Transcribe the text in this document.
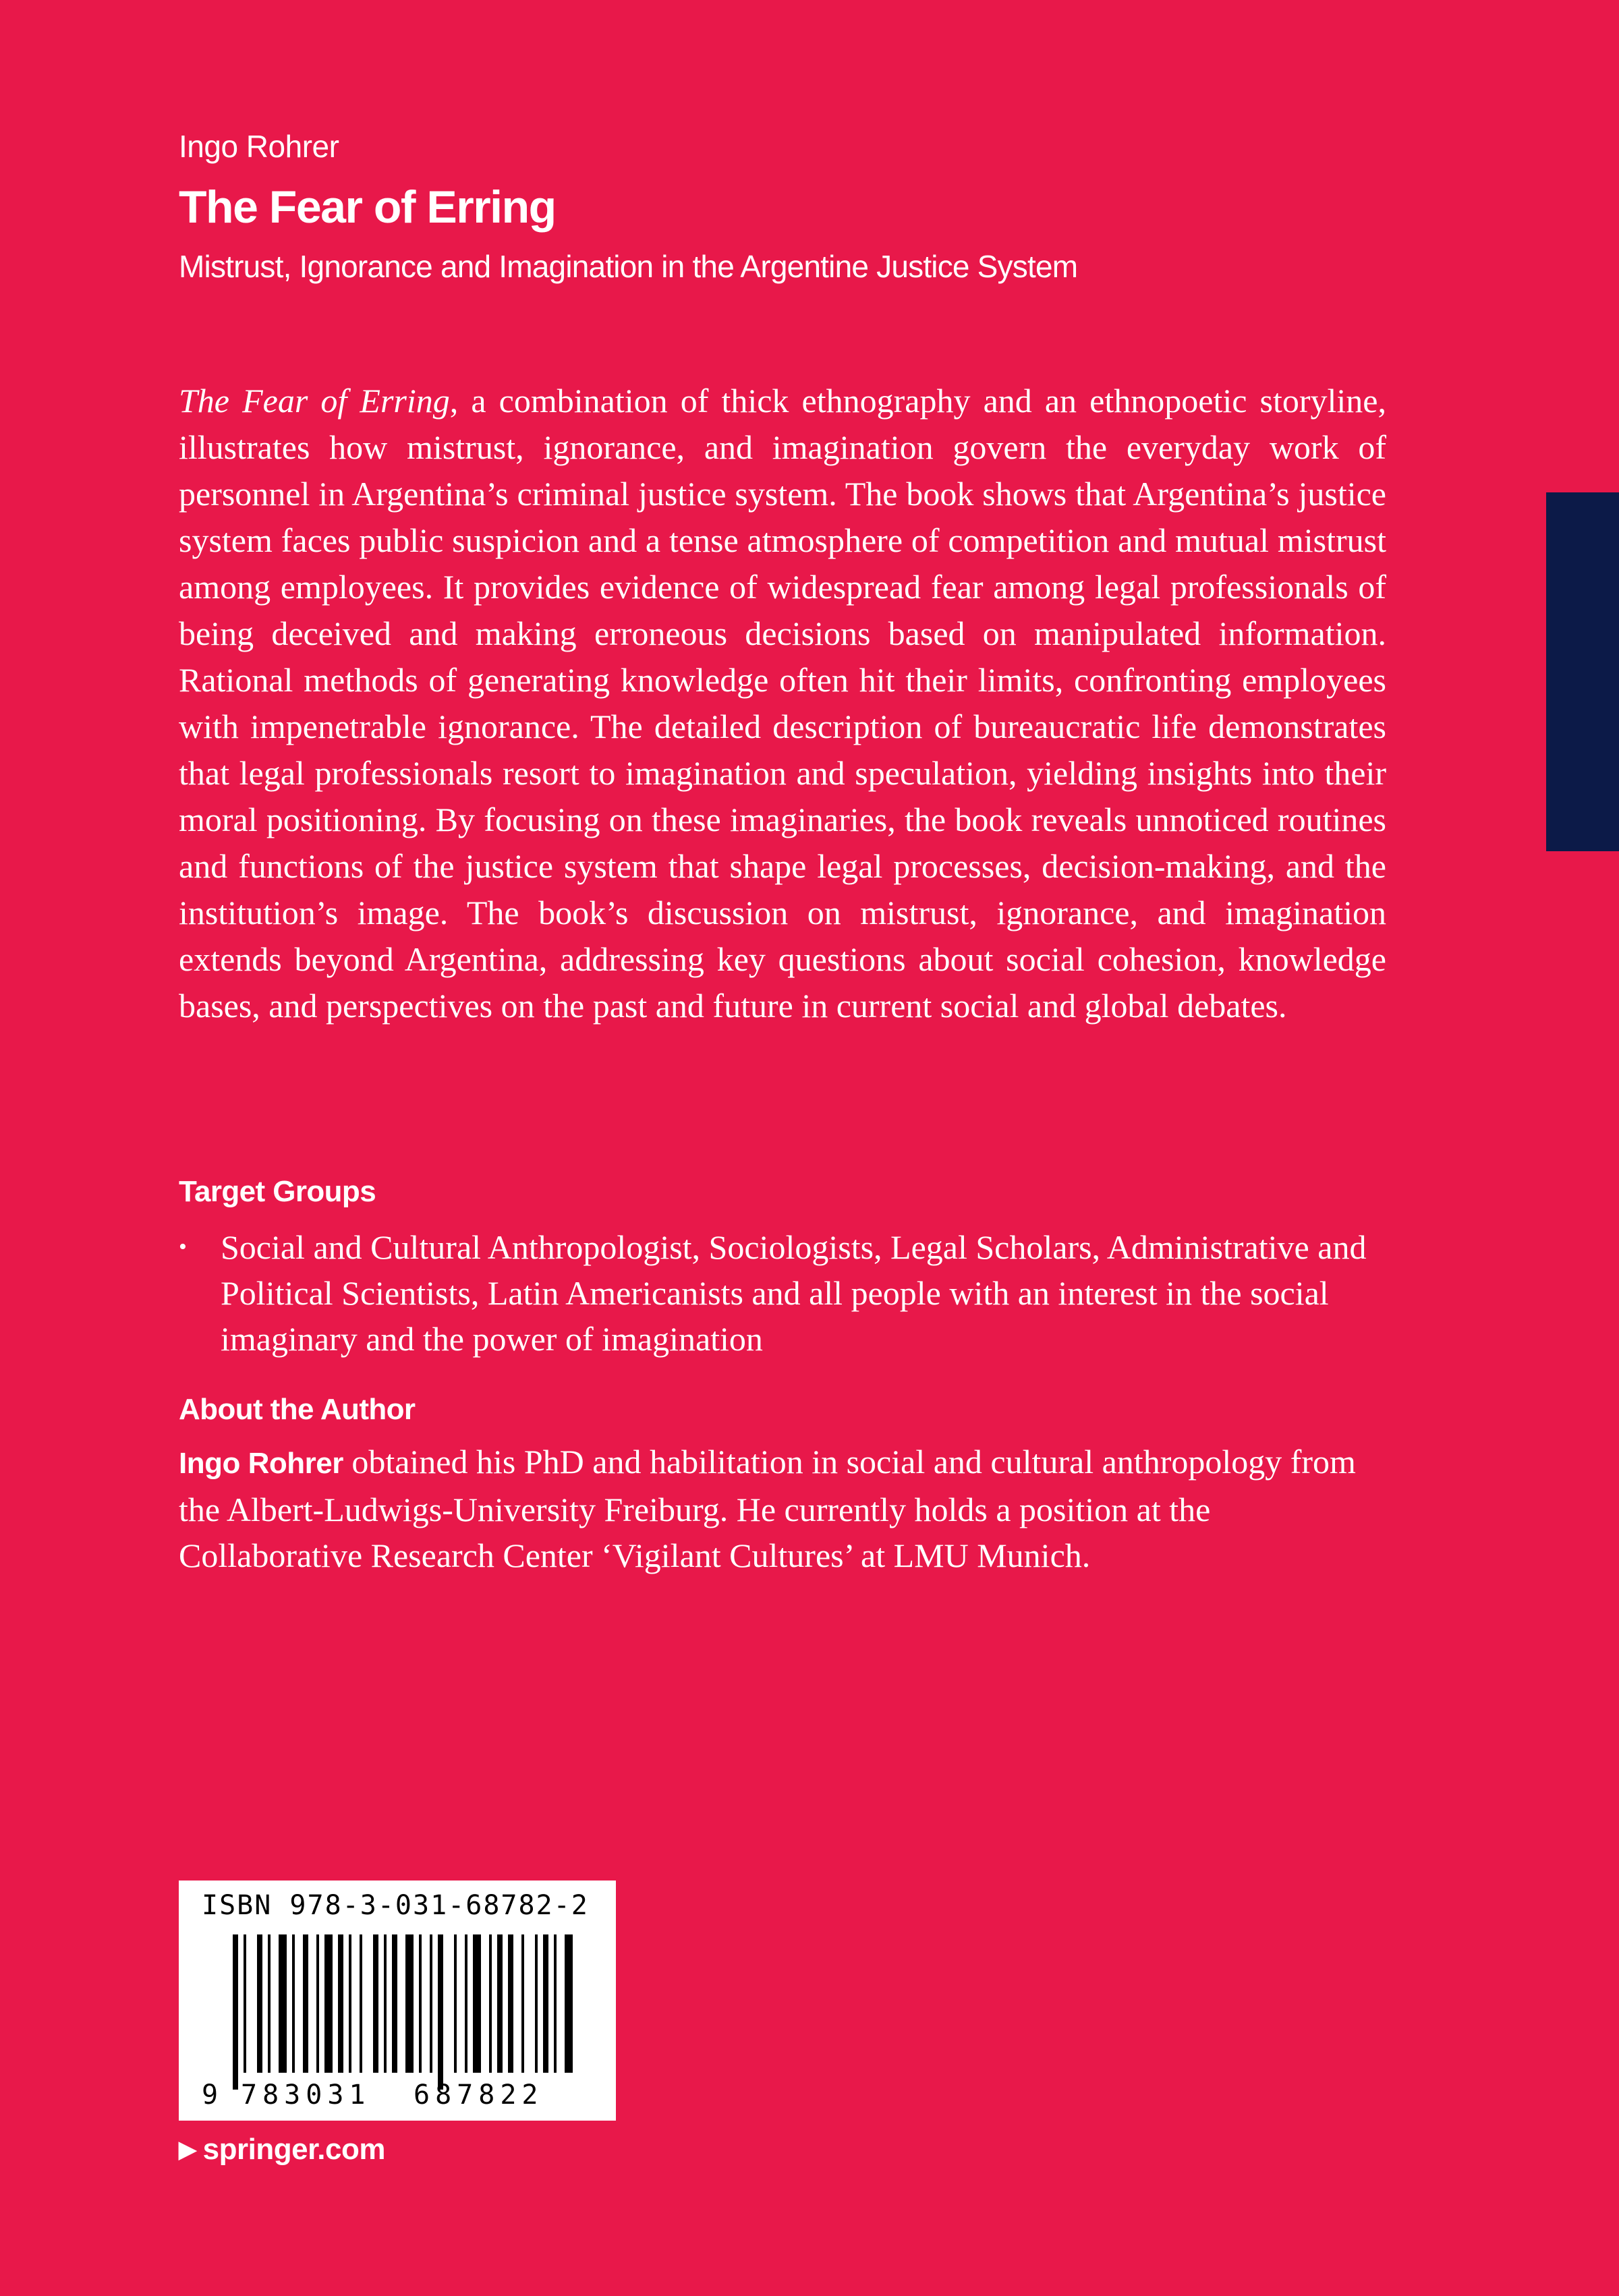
Ingo Rohrer
The Fear of Erring
Mistrust, Ignorance and Imagination in the Argentine Justice System

The Fear of Erring, a combination of thick ethnography and an ethnopoetic storyline, illustrates how mistrust, ignorance, and imagination govern the everyday work of personnel in Argentina’s criminal justice system. The book shows that Argentina’s justice system faces public suspicion and a tense atmosphere of competition and mutual mistrust among employees. It provides evidence of widespread fear among legal professionals of being deceived and making erroneous decisions based on manipulated information. Rational methods of generating knowledge often hit their limits, confronting employees with impenetrable ignorance. The detailed description of bureaucratic life demonstrates that legal professionals resort to imagination and speculation, yielding insights into their moral positioning. By focusing on these imaginaries, the book reveals unnoticed routines and functions of the justice system that shape legal processes, decision-making, and the institution’s image. The book’s discussion on mistrust, ignorance, and imagination extends beyond Argentina, addressing key questions about social cohesion, knowledge bases, and perspectives on the past and future in current social and global debates.

Target Groups
• Social and Cultural Anthropologist, Sociologists, Legal Scholars, Administrative and Political Scientists, Latin Americanists and all people with an interest in the social imaginary and the power of imagination
About the Author
Ingo Rohrer obtained his PhD and habilitation in social and cultural anthropology from the Albert-Ludwigs-University Freiburg. He currently holds a position at the Collaborative Research Center ‘Vigilant Cultures’ at LMU Munich.
ISBN 978-3-031-68782-2
9 783031 687822
▶ springer.com
